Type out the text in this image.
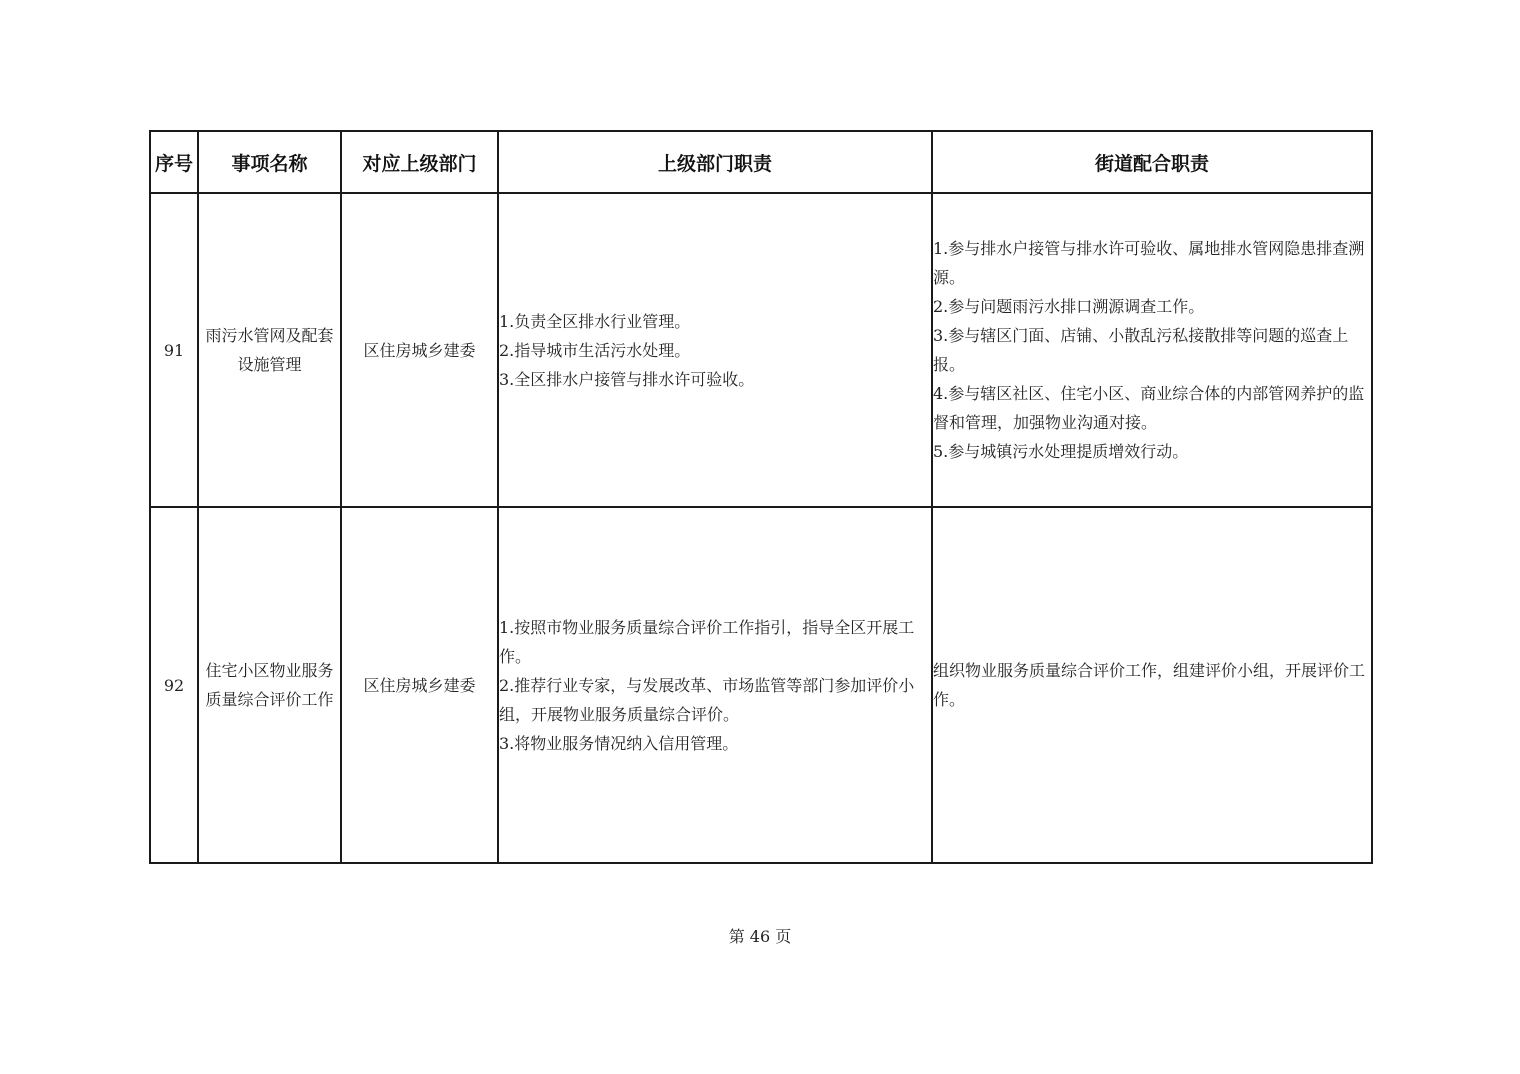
序号	事项名称	对应上级部门	上级部门职责	街道配合职责
91	雨污水管网及配套设施管理	区住房城乡建委	1.负责全区排水行业管理。
2.指导城市生活污水处理。
3.全区排水户接管与排水许可验收。	1.参与排水户接管与排水许可验收、属地排水管网隐患排查溯源。
2.参与问题雨污水排口溯源调查工作。
3.参与辖区门面、店铺、小散乱污私接散排等问题的巡查上报。
4.参与辖区社区、住宅小区、商业综合体的内部管网养护的监督和管理，加强物业沟通对接。
5.参与城镇污水处理提质增效行动。

92	住宅小区物业服务质量综合评价工作	区住房城乡建委	1.按照市物业服务质量综合评价工作指引，指导全区开展工作。
2.推荐行业专家，与发展改革、市场监管等部门参加评价小组，开展物业服务质量综合评价。
3.将物业服务情况纳入信用管理。	组织物业服务质量综合评价工作，组建评价小组，开展评价工作。
第 46 页
